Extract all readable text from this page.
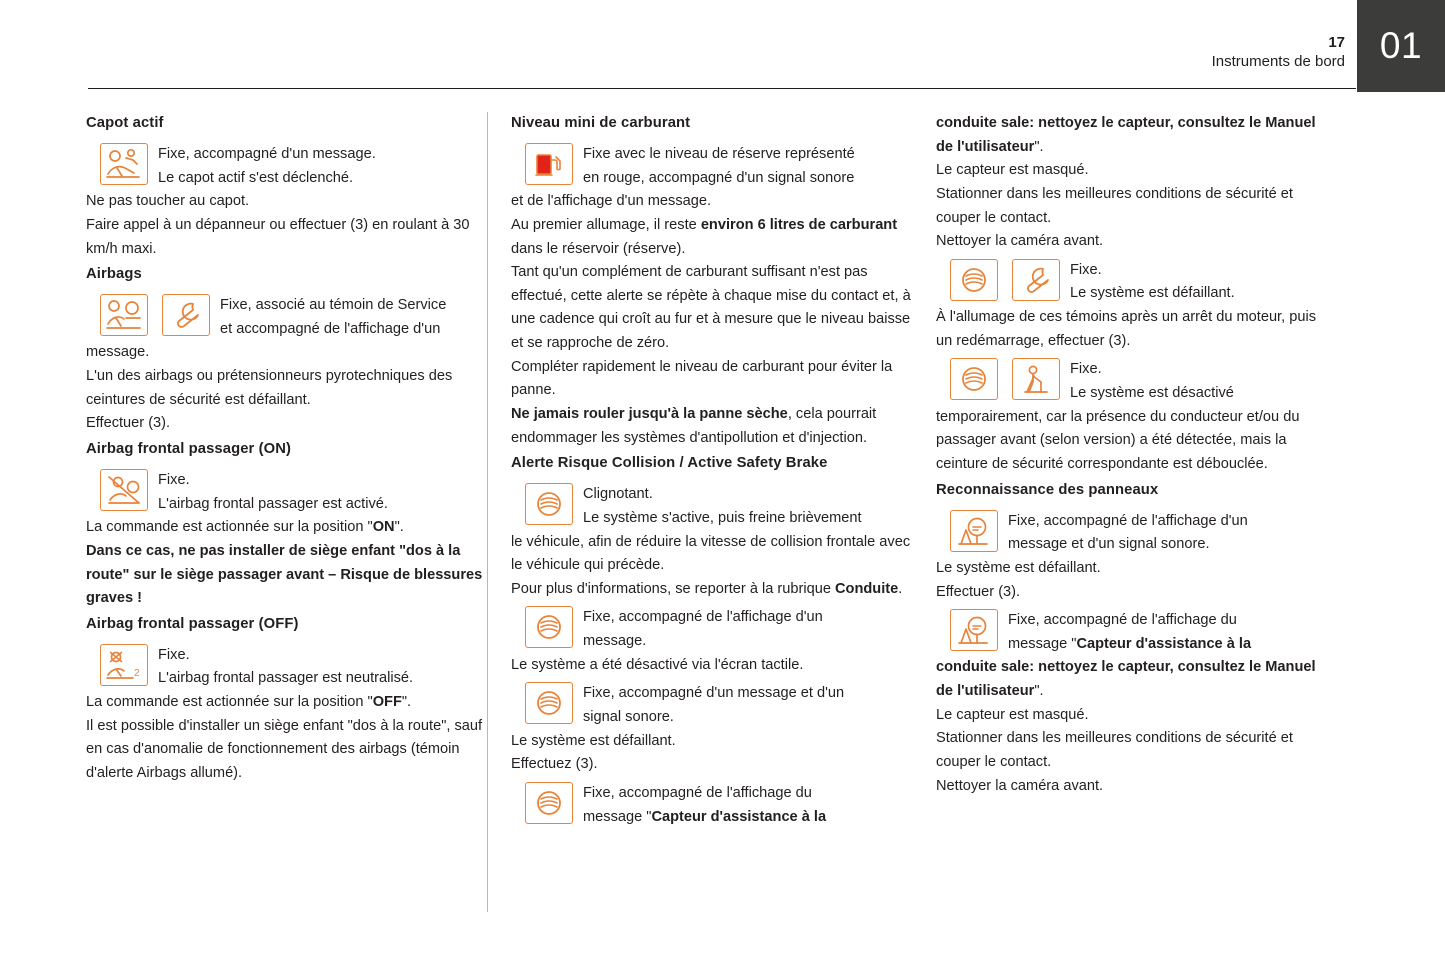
17
Instruments de bord 01
Capot actif
Fixe, accompagné d'un message.
Le capot actif s'est déclenché.

Ne pas toucher au capot.

Faire appel à un dépanneur ou effectuer (3) en roulant à 30 km/h maxi.

Airbags
Fixe, associé au témoin de Service
et accompagné de l'affichage d'un

message.

L'un des airbags ou prétensionneurs pyrotechniques des ceintures de sécurité est défaillant.

Effectuer (3).

Airbag frontal passager (ON)
Fixe.
L'airbag frontal passager est activé.

La commande est actionnée sur la position "ON".

Dans ce cas, ne pas installer de siège enfant "dos à la route" sur le siège passager avant – Risque de blessures graves !

Airbag frontal passager (OFF)
2
Fixe.
L'airbag frontal passager est neutralisé.

La commande est actionnée sur la position "OFF".

Il est possible d'installer un siège enfant "dos à la route", sauf en cas d'anomalie de fonctionnement des airbags (témoin d'alerte Airbags allumé).

Niveau mini de carburant
Fixe avec le niveau de réserve représenté
en rouge, accompagné d'un signal sonore

et de l'affichage d'un message.

Au premier allumage, il reste environ 6 litres de carburant dans le réservoir (réserve).

Tant qu'un complément de carburant suffisant n'est pas effectué, cette alerte se répète à chaque mise du contact et, à une cadence qui croît au fur et à mesure que le niveau baisse et se rapproche de zéro.

Compléter rapidement le niveau de carburant pour éviter la panne.

Ne jamais rouler jusqu'à la panne sèche, cela pourrait endommager les systèmes d'antipollution et d'injection.

Alerte Risque Collision / Active Safety Brake
Clignotant.
Le système s'active, puis freine brièvement

le véhicule, afin de réduire la vitesse de collision frontale avec le véhicule qui précède.

Pour plus d'informations, se reporter à la rubrique Conduite.

Fixe, accompagné de l'affichage d'un
message.

Le système a été désactivé via l'écran tactile.

Fixe, accompagné d'un message et d'un
signal sonore.

Le système est défaillant.

Effectuez (3).

Fixe, accompagné de l'affichage du
message "Capteur d'assistance à la

conduite sale: nettoyez le capteur, consultez le Manuel de l'utilisateur".

Le capteur est masqué.

Stationner dans les meilleures conditions de sécurité et couper le contact.

Nettoyer la caméra avant.

Fixe.
Le système est défaillant.

À l'allumage de ces témoins après un arrêt du moteur, puis un redémarrage, effectuer (3).

Fixe.
Le système est désactivé

temporairement, car la présence du conducteur et/ou du passager avant (selon version) a été détectée, mais la ceinture de sécurité correspondante est débouclée.

Reconnaissance des panneaux
Fixe, accompagné de l'affichage d'un
message et d'un signal sonore.

Le système est défaillant.

Effectuer (3).

Fixe, accompagné de l'affichage du
message "Capteur d'assistance à la

conduite sale: nettoyez le capteur, consultez le Manuel de l'utilisateur".

Le capteur est masqué.

Stationner dans les meilleures conditions de sécurité et couper le contact.

Nettoyer la caméra avant.
